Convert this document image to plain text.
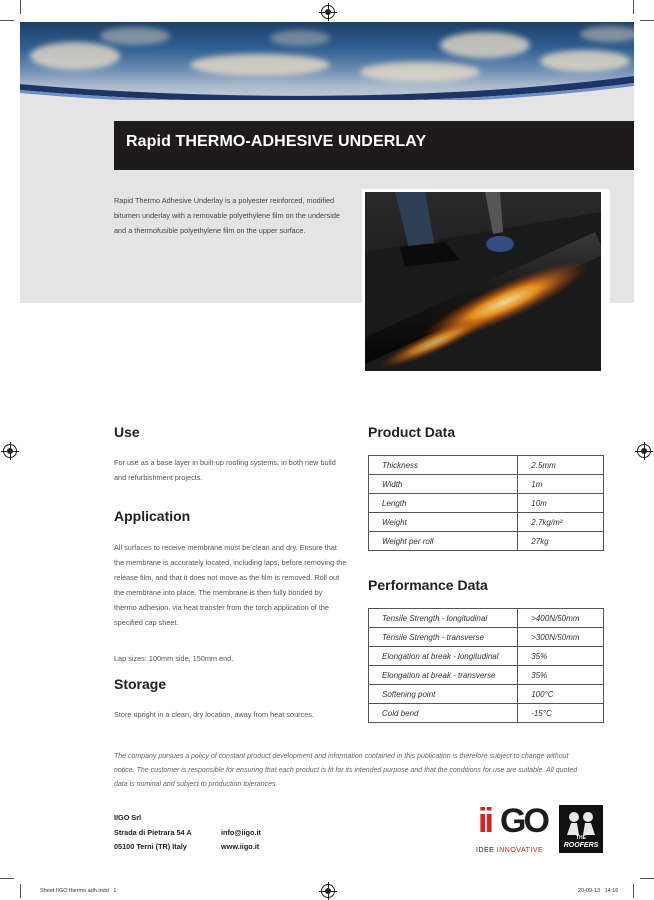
Rapid THERMO-ADHESIVE UNDERLAY
Rapid Thermo Adhesive Underlay is a polyester reinforced, modified bitumen underlay with a removable polyethylene film on the underside and a thermofusible polyethylene film on the upper surface.
Use
For use as a base layer in built-up roofing systems, in both new build and refurbishment projects.
Application
All surfaces to receive membrane must be clean and dry. Ensure that the membrane is accurately located, including laps, before removing the release film, and that it does not move as the film is removed. Roll out the membrane into place. The membrane is then fully bonded by thermo adhesion, via heat transfer from the torch application of the specified cap sheet.
Lap sizes: 100mm side, 150mm end.
Storage
Store upright in a clean, dry location, away from heat sources.
Product Data
Thickness	2.5mm
Width	1m
Length	10m
Weight	2.7kg/m²
Weight per roll	27kg
Performance Data
Tensile Strength - longitudinal	>400N/50mm
Tensile Strength - transverse	>300N/50mm
Elongation at break - longitudinal	35%
Elongation at break - transverse	35%
Softening point	100°C
Cold bend	-15°C
The company pursues a policy of constant product development and information contained in this publication is therefore subject to change without notice. The customer is responsible for ensuring that each product is fit for its intended purpose and that the conditions for use are suitable. All quoted data is nominal and subject to production tolerances.
IIGO Srl
Strada di Pietrara 54 A
05100 Terni (TR) Italy
info@iigo.it
www.iigo.it
ii GO
IDEE INNOVATIVE
THE
ROOFERS
Sheet IIGO thermo adh.indd   1	20-09-13   14:16
